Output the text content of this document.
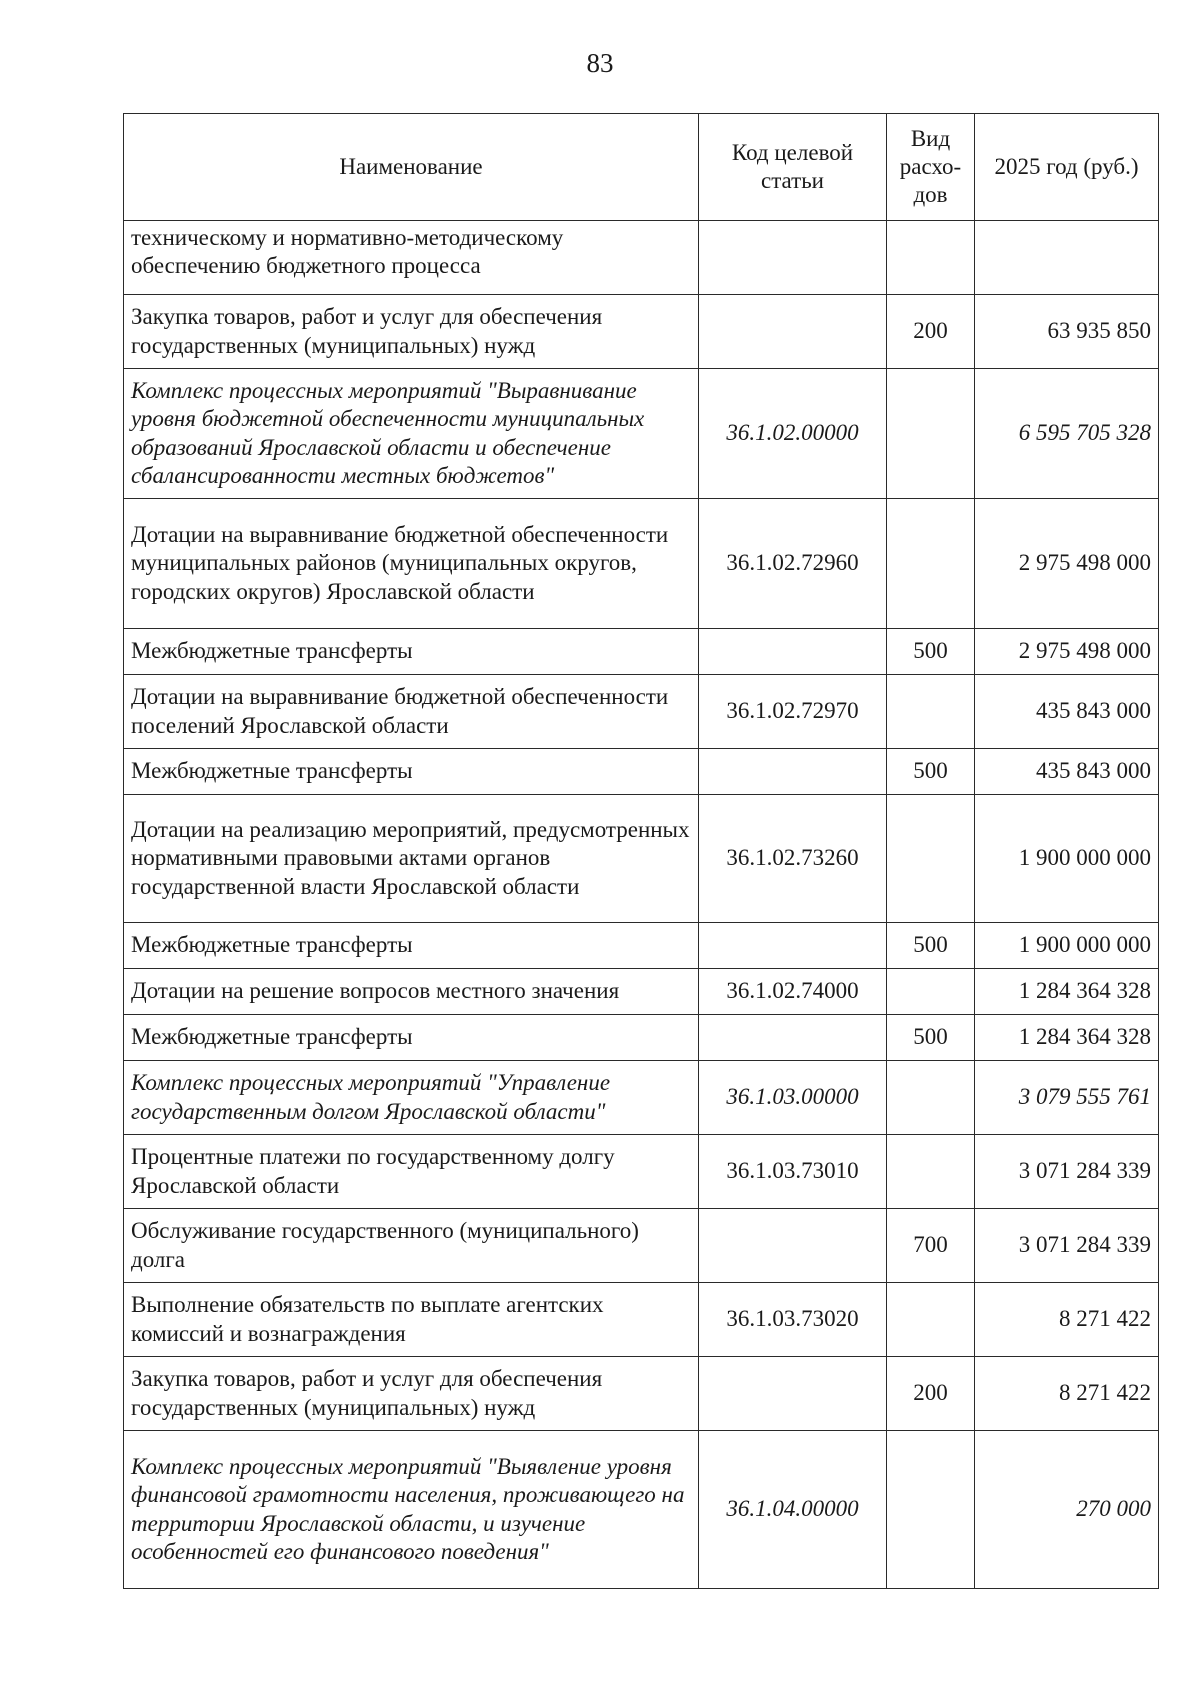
83
Наименование	Код целевой статьи	Вид расхо-дов	2025 год (руб.)
техническому и нормативно-методическому обеспечению бюджетного процесса			
Закупка товаров, работ и услуг для обеспечения государственных (муниципальных) нужд		200	63 935 850
Комплекс процессных мероприятий "Выравнивание уровня бюджетной обеспеченности муниципальных образований Ярославской области и обеспечение сбалансированности местных бюджетов"	36.1.02.00000		6 595 705 328
Дотации на выравнивание бюджетной обеспеченности муниципальных районов (муниципальных округов, городских округов) Ярославской области	36.1.02.72960		2 975 498 000
Межбюджетные трансферты		500	2 975 498 000
Дотации на выравнивание бюджетной обеспеченности поселений Ярославской области	36.1.02.72970		435 843 000
Межбюджетные трансферты		500	435 843 000
Дотации на реализацию мероприятий, предусмотренных нормативными правовыми актами органов государственной власти Ярославской области	36.1.02.73260		1 900 000 000
Межбюджетные трансферты		500	1 900 000 000
Дотации на решение вопросов местного значения	36.1.02.74000		1 284 364 328
Межбюджетные трансферты		500	1 284 364 328
Комплекс процессных мероприятий "Управление государственным долгом Ярославской области"	36.1.03.00000		3 079 555 761
Процентные платежи по государственному долгу Ярославской области	36.1.03.73010		3 071 284 339
Обслуживание государственного (муниципального) долга		700	3 071 284 339
Выполнение обязательств по выплате агентских комиссий и вознаграждения	36.1.03.73020		8 271 422
Закупка товаров, работ и услуг для обеспечения государственных (муниципальных) нужд		200	8 271 422
Комплекс процессных мероприятий "Выявление уровня финансовой грамотности населения, проживающего на территории Ярославской области, и изучение особенностей его финансового поведения"	36.1.04.00000		270 000
